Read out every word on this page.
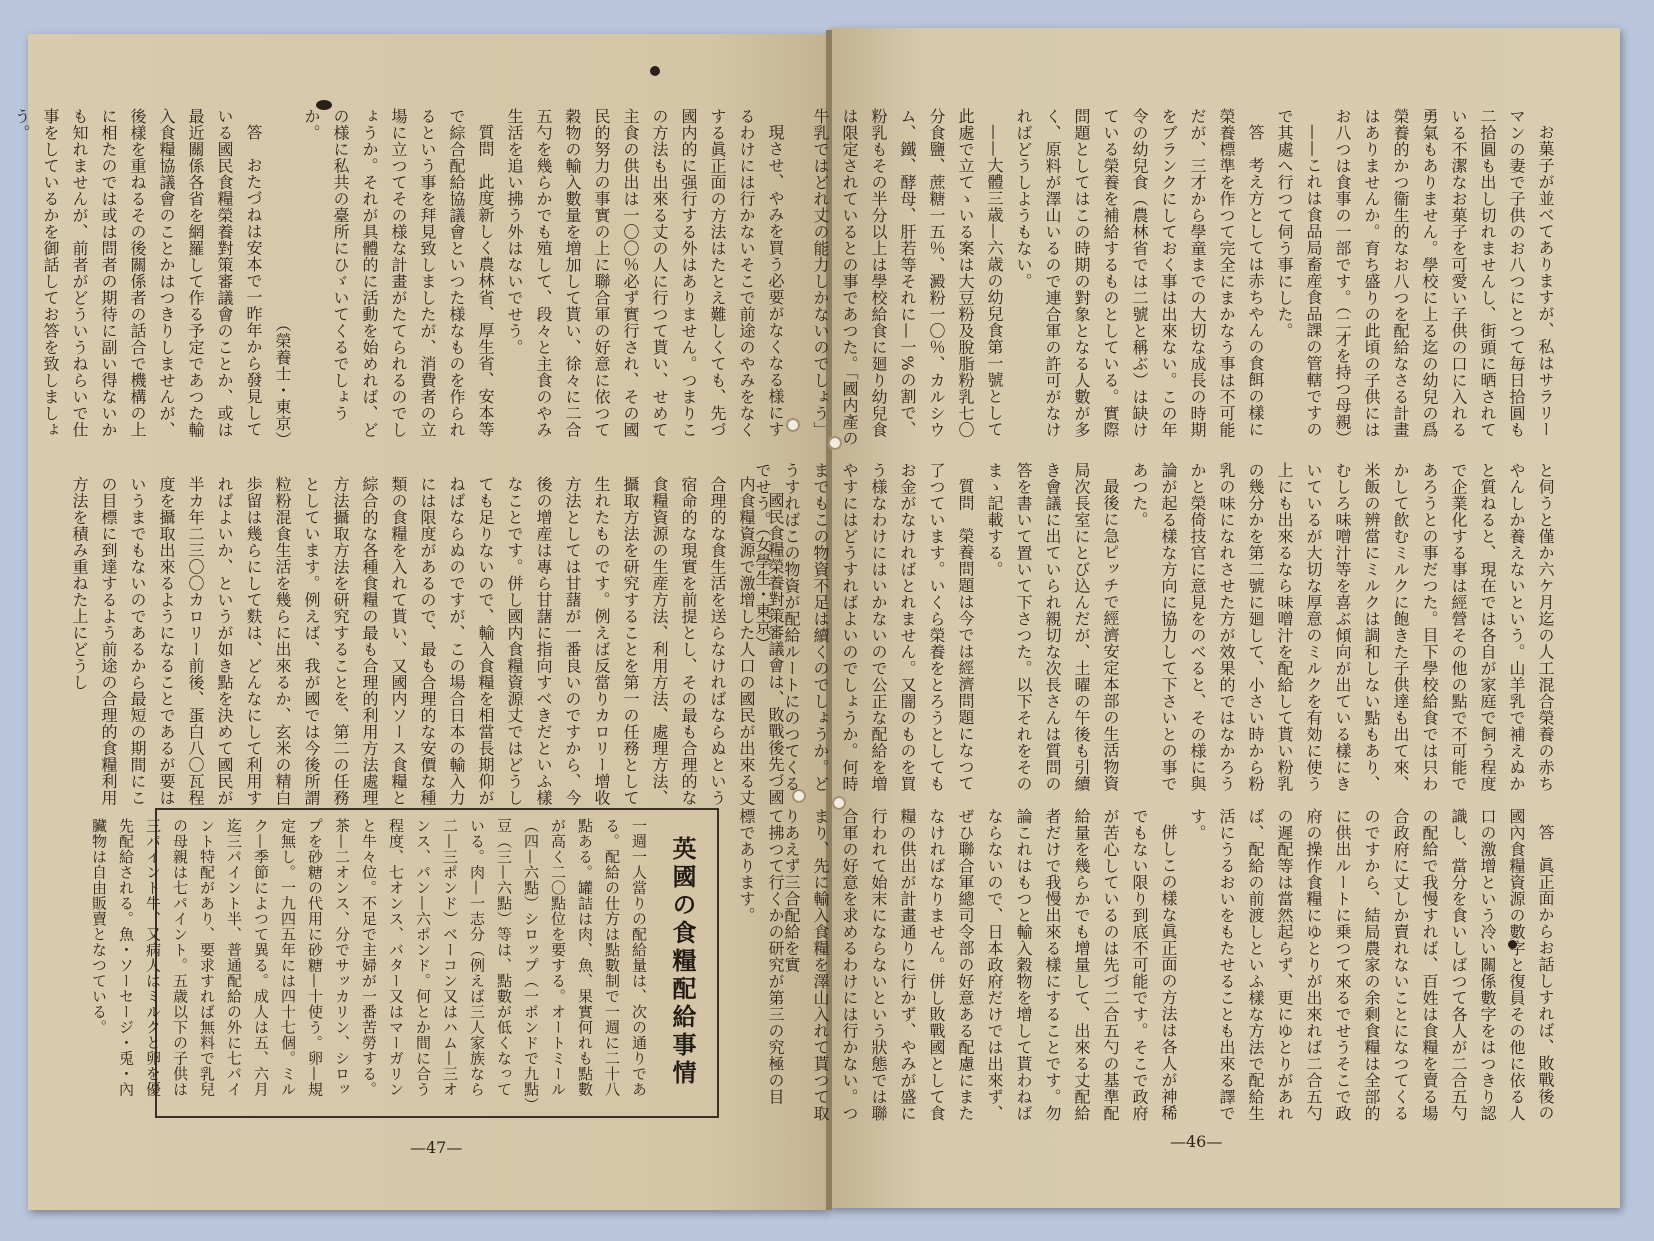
現させ、やみを買う必要がなくなる様にするわけには行かないそこで前途のやみをなくする眞正面の方法はたとえ難しくても、先づ國内的に强行する外はありません。つまりこの方法も出來る丈の人に行つて貰い、せめて主食の供出は一〇〇％必ず實行され、その國民的努力の事實の上に聯合軍の好意に依つて穀物の輸入數量を増加して貰い、徐々に二合五勺を幾らかでも殖して、段々と主食のやみ生活を追い拂う外はないでせう。

質問　此度新しく農林省、厚生省、安本等で綜合配給協議會といつた様なものを作られるという事を拜見致しましたが、消費者の立場に立つてその様な計畫がたてられるのでしょうか。それが具體的に活動を始めれば、どの様に私共の臺所にひゞいてくるでしょうか。

（榮養士・東京）

答　おたづねは安本で一昨年から發見している國民食糧榮養對策審議會のことか、或は最近關係各省を網羅して作る予定であつた輸入食糧協議會のことかはつきりしませんが、後樣を重ねるその後關係者の話合で機構の上に相たのでは或は問者の期待に副い得ないかも知れませんが、前者がどういうねらいで仕事をしているかを御話してお答を致しましょう。

國民食糧榮養對策審議會は、敗戰後先づ國内食糧資源で激增した人口の國民が出來る丈合理的な食生活を送らなければならぬという宿命的な現實を前提とし、その最も合理的な食糧資源の生産方法、利用方法、處理方法、攝取方法を研究することを第一の任務として生れたものです。例えば反當りカロリー增收方法としては甘藷が一番良いのですから、今後の增産は專ら甘藷に指向すべきだといふ樣なことです。併し國内食糧資源丈ではどうしても足りないので、輸入食糧を相當長期仰がねばならぬのですが、この場合日本の輸入力には限度があるので、最も合理的な安價な種類の食糧を入れて貰い、又國内ソース食糧と綜合的な各種食糧の最も合理的利用方法處理方法攝取方法を研究することを、第二の任務としています。例えば、我が國では今後所謂粒粉混食生活を幾らに出來るか、玄米の精白歩留は幾らにして麩は、どんなにして利用すればよいか、というが如き點を決めて國民が半カ年二三〇〇カロリー前後、蛋白八〇瓦程度を攝取出來るようになることであるが要はいうまでもないのであるから最短の期間にこの目標に到達するよう前途の合理的食糧利用方法を積み重ねた上にどうし

て拂つて行くかの研究が第三の究極の目標であります。

英國の食糧配給事情

一週一人當りの配給量は、次の通りである。配給の仕方は點數制で一週に二十八點ある。罐詰は肉、魚、果實何れも點數が高く二〇點位を要する。オートミール（四—六點）シロップ（一ポンドで九點）豆（三—六點）等は、點數が低くなっている。肉—一志分（例えば三人家族なら二—三ポンド）ベーコン又はハム—三オンス、パン—六ポンド。何とか間に合う程度、七オンス、バター又はマーガリンと牛々位。不足で主婦が一番苦勞する。茶—二オンス、分でサッカリン、シロップを砂糖の代用に砂糖—十使う。卵—規定無し。一九四五年には四十七個。ミルク—季節によつて異る。成人は五、六月迄三パイント半、普通配給の外に七パイント特配があり、要求すれば無料で乳兒の母親は七パイント。五歳以下の子供は三パイント牛、又病人はミルクと卵を優先配給される。魚・ソーセージ・兎・內臟物は自由販賣となつている。

—47—

お菓子が並べてありますが、私はサラリーマンの妻で子供のお八つにとつて毎日拾圓も二拾圓も出し切れませんし、街頭に晒されている不潔なお菓子を可愛い子供の口に入れる勇氣もありません。學校に上る迄の幼兒の爲榮養的かつ衞生的なお八つを配給なさる計畫はありませんか。育ち盛りの此頃の子供にはお八つは食事の一部です。（二才を持つ母親）

——これは食品局畜産食品課の管轄ですので其處へ行つて伺う事にした。

答　考え方としては赤ちやんの食餌の樣に榮養標準を作つて完全にまかなう事は不可能だが、三才から學童までの大切な成長の時期をブランクにしておく事は出來ない。この年令の幼兒食（農林省では二號と稱ぶ）は缺けている榮養を補給するものとしている。實際問題としてはこの時期の對象となる人數が多く、原料が澤山いるので連合軍の許可がなければどうしようもない。

——大體三歳—六歳の幼兒食第一號として此處で立てゝいる案は大豆粉及脫脂粉乳七〇分食鹽、蔗糖一五％、澱粉一〇％、カルシウム、鐵、酵母、肝若等それに—一%の割で、粉乳もその半分以上は學校給食に廻り幼兒食は限定されているとの事であつた。「國内產の牛乳ではどれ丈の能力しかないのでしょう」

と伺うと僅か六ケ月迄の人工混合榮養の赤ちやんしか養えないという。山羊乳で補えぬかと質ねると、現在では各自が家庭で飼う程度で企業化する事は經營その他の點で不可能であろうとの事だつた。目下學校給食では只わかして飮むミルクに飽きた子供達も出て來、米飯の辨當にミルクは調和しない點もあり、むしろ味噌汁等を喜ぶ傾向が出ている樣にきいているが大切な厚意のミルクを有効に使う上にも出來るなら味噌汁を配給して貰い粉乳の幾分かを第二號に廻して、小さい時から粉乳の味になれさせた方が效果的ではなかろうかと榮倚技官に意見をのべると、その様に與論が起る樣な方向に協力して下さいとの事であつた。

最後に急ピッチで經濟安定本部の生活物資局次長室にとび込んだが、土曜の午後も引續き會議に出ていられ親切な次長さんは質問の答を書いて置いて下さつた。以下それをそのまゝ記載する。

質問　榮養問題は今では經濟問題になつて了つています。いくら榮養をとろうとしてもお金がなければとれません。又闇のものを買う様なわけにはいかないので公正な配給を増やすにはどうすればよいのでしょうか。何時までもこの物資不足は續くのでしょうか。どうすればこの物資が配給ルートにのつてくるでせう。（女學生・東京）

答　眞正面からお話しすれば、敗戰後の國內食糧資源の數字と復員その他に依る人口の激增という冷い關係數字をはつきり認識し、當分を食いしばつて各人が二合五勺の配給で我慢すれば、百姓は食糧を賣る場合政府に丈しか賣れないことになつてくるのですから、結局農家の余剩食糧は全部的に供出ルートに乗つて來るでせうそこで政府の操作食糧にゆとりが出來れば二合五勺の遲配等は當然起らず、更にゆとりがあれば、配給の前渡しといふ樣な方法で配給生活にうるおいをもたせることも出來る譯です。

併しこの樣な眞正面の方法は各人が神稀でもない限り到底不可能です。そこで政府が苦心しているのは先づ二合五勺の基準配給量を幾らかでも增量して、出來る丈配給者だけで我慢出來る樣にすることです。勿論これはもつと輸入穀物を增して貰わねばならないので、日本政府だけでは出來ず、ぜひ聯合軍總司令部の好意ある配慮にまたなければなりません。併し敗戰國として食糧の供出が計畫通りに行かず、やみが盛に行われて始末にならないという狀態では聯合軍の好意を求めるわけには行かない。つまり、先に輸入食糧を澤山入れて貰つて取りあえず三合配給を實

—46—
